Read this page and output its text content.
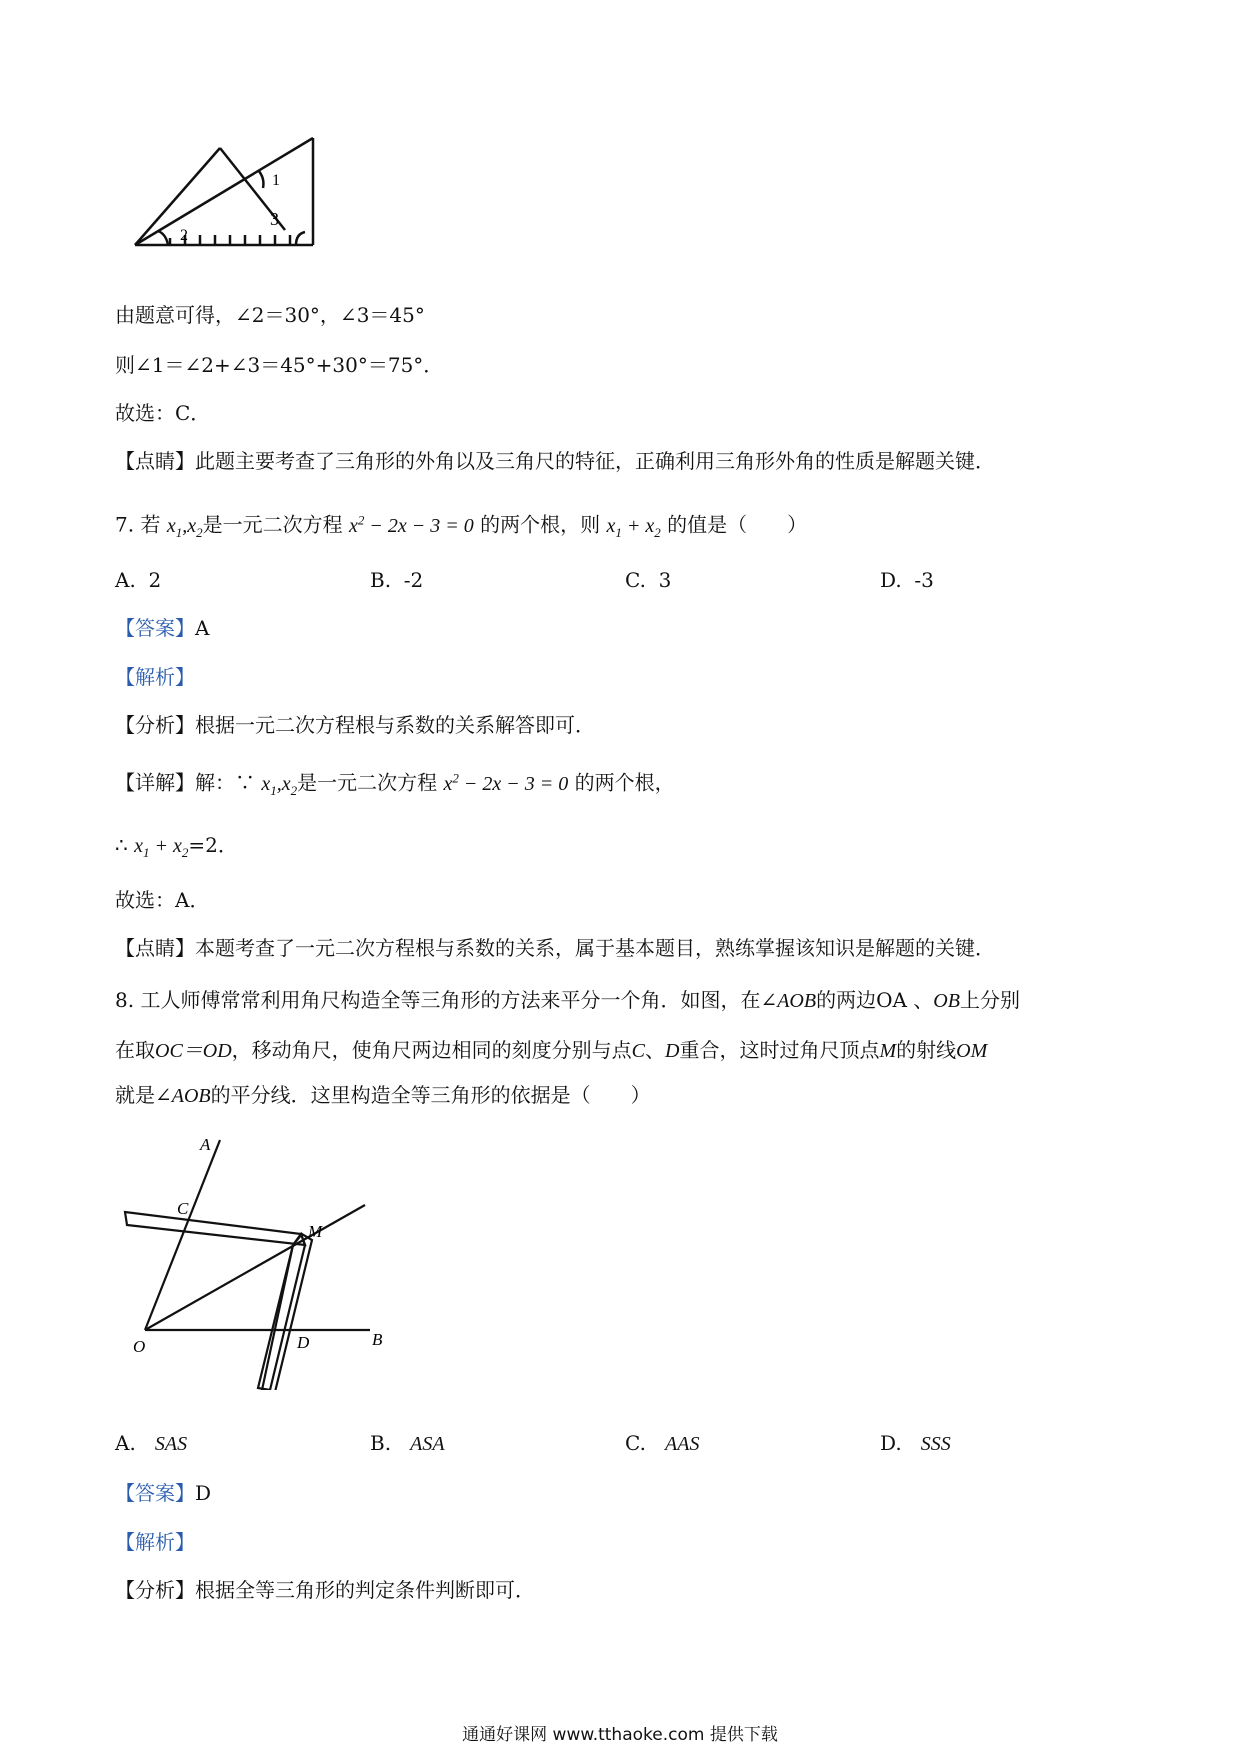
1
2
3
由题意可得，∠2＝30°，∠3＝45°
则∠1＝∠2+∠3＝45°+30°＝75°．
故选：C．
【点睛】此题主要考查了三角形的外角以及三角尺的特征，正确利用三角形外角的性质是解题关键．
7. 若 $x_1,x_2$是一元二次方程 $x^2 - 2x - 3 = 0$ 的两个根，则 $x_1 + x_2$ 的值是（　　）
A. 2	B. -2	C. 3	D. -3
【答案】A
【解析】
【分析】根据一元二次方程根与系数的关系解答即可．
【详解】解：∵ $x_1,x_2$是一元二次方程 $x^2 - 2x - 3 = 0$ 的两个根，
∴ $x_1 + x_2=2$．
故选：A．
【点睛】本题考查了一元二次方程根与系数的关系，属于基本题目，熟练掌握该知识是解题的关键．
8. 工人师傅常常利用角尺构造全等三角形的方法来平分一个角．如图，在∠AOB的两边OA 、OB上分别
在取OC＝OD，移动角尺，使角尺两边相同的刻度分别与点C、D重合，这时过角尺顶点M的射线OM
就是∠AOB的平分线．这里构造全等三角形的依据是（　　）
A
C
M
O	D	B
A. SAS	B. ASA	C. AAS	D. SSS
【答案】D
【解析】
【分析】根据全等三角形的判定条件判断即可．
通通好课网 www.tthaoke.com 提供下载
